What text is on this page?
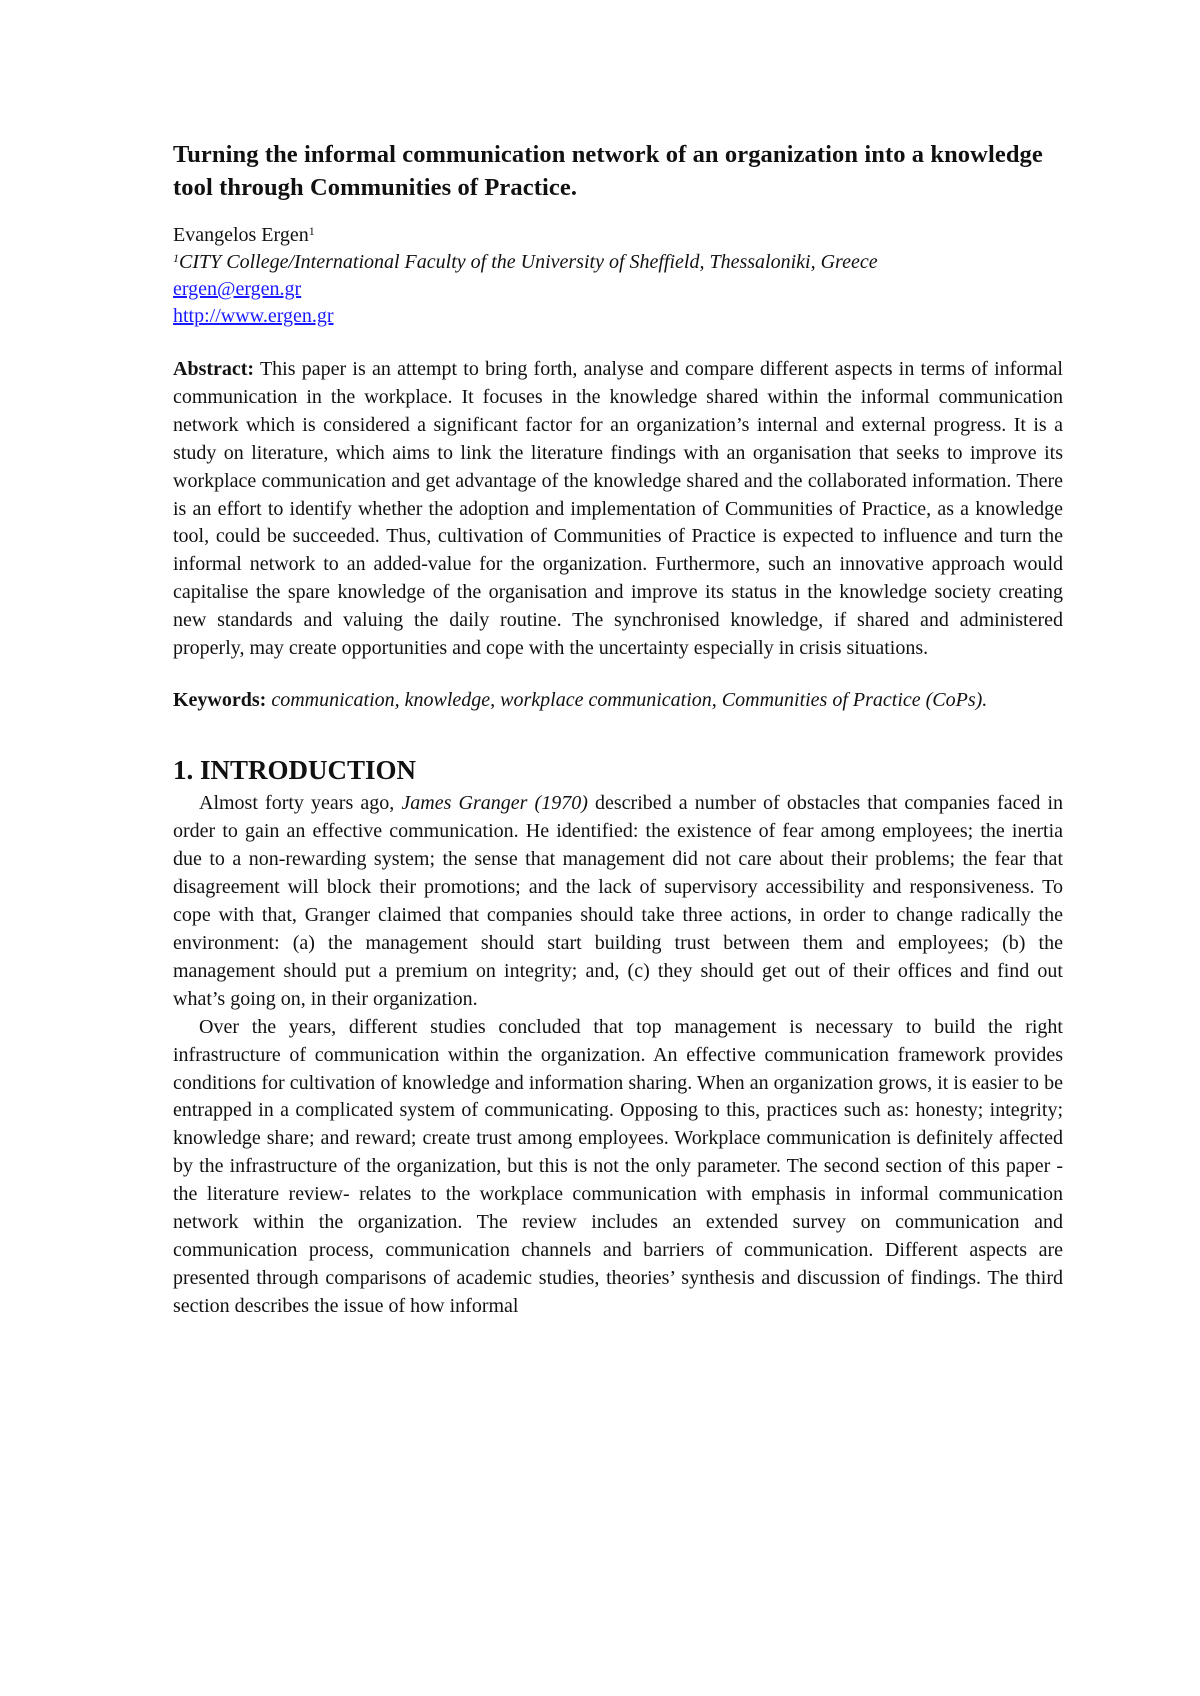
Turning the informal communication network of an organization into a knowledge tool through Communities of Practice.
Evangelos Ergen$^1$
$^1$CITY College/International Faculty of the University of Sheffield, Thessaloniki, Greece
ergen@ergen.gr
http://www.ergen.gr
Abstract: This paper is an attempt to bring forth, analyse and compare different aspects in terms of informal communication in the workplace. It focuses in the knowledge shared within the informal communication network which is considered a significant factor for an organization’s internal and external progress. It is a study on literature, which aims to link the literature findings with an organisation that seeks to improve its workplace communication and get advantage of the knowledge shared and the collaborated information. There is an effort to identify whether the adoption and implementation of Communities of Practice, as a knowledge tool, could be succeeded. Thus, cultivation of Communities of Practice is expected to influence and turn the informal network to an added-value for the organization. Furthermore, such an innovative approach would capitalise the spare knowledge of the organisation and improve its status in the knowledge society creating new standards and valuing the daily routine. The synchronised knowledge, if shared and administered properly, may create opportunities and cope with the uncertainty especially in crisis situations.
Keywords: communication, knowledge, workplace communication, Communities of Practice (CoPs).
1. INTRODUCTION

Almost forty years ago, James Granger (1970) described a number of obstacles that companies faced in order to gain an effective communication. He identified: the existence of fear among employees; the inertia due to a non-rewarding system; the sense that management did not care about their problems; the fear that disagreement will block their promotions; and the lack of supervisory accessibility and responsiveness. To cope with that, Granger claimed that companies should take three actions, in order to change radically the environment: (a) the management should start building trust between them and employees; (b) the management should put a premium on integrity; and, (c) they should get out of their offices and find out what’s going on, in their organization.

Over the years, different studies concluded that top management is necessary to build the right infrastructure of communication within the organization. An effective communication framework provides conditions for cultivation of knowledge and information sharing. When an organization grows, it is easier to be entrapped in a complicated system of communicating. Opposing to this, practices such as: honesty; integrity; knowledge share; and reward; create trust among employees. Workplace communication is definitely affected by the infrastructure of the organization, but this is not the only parameter. The second section of this paper -the literature review- relates to the workplace communication with emphasis in informal communication network within the organization. The review includes an extended survey on communication and communication process, communication channels and barriers of communication. Different aspects are presented through comparisons of academic studies, theories’ synthesis and discussion of findings. The third section describes the issue of how informal
